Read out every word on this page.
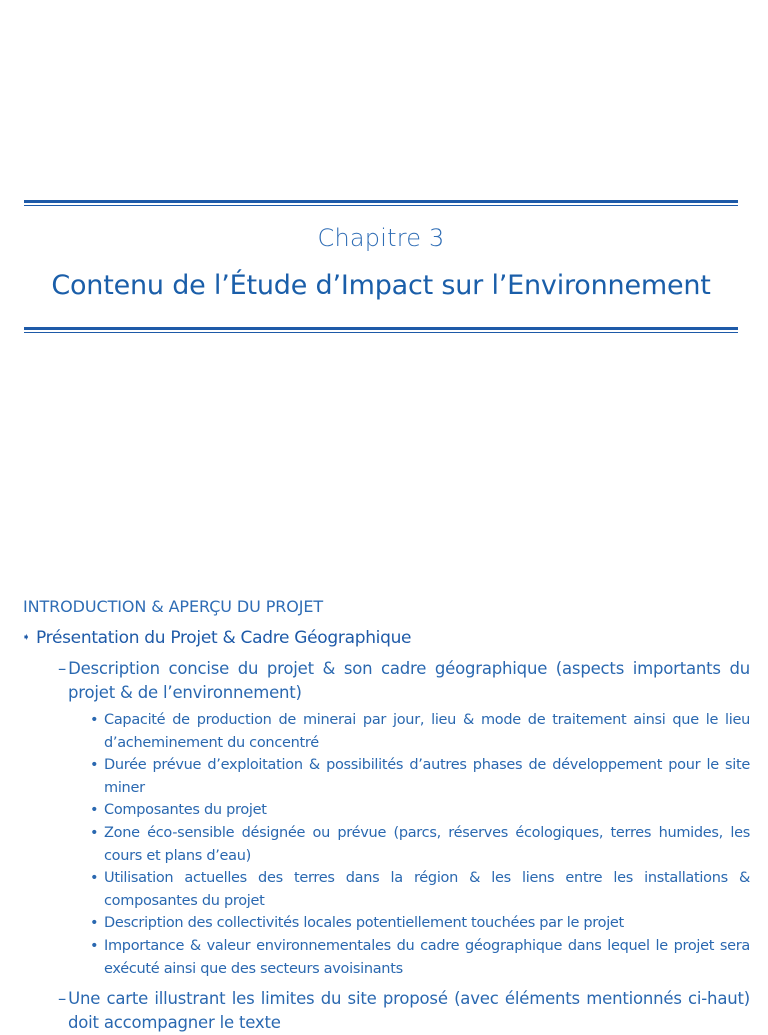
Chapitre 3
Contenu de l’Étude d’Impact sur l’Environnement
INTRODUCTION & APERÇU DU PROJET
➧ Présentation du Projet & Cadre Géographique
– Description concise du projet & son cadre géographique (aspects importants du projet & de l’environnement)
• Capacité de production de minerai par jour, lieu & mode de traitement ainsi que le lieu d’acheminement du concentré
• Durée prévue d’exploitation & possibilités d’autres phases de développement pour le site miner
• Composantes du projet
• Zone éco-sensible désignée ou prévue (parcs, réserves écologiques, terres humides, les cours et plans d’eau)
• Utilisation actuelles des terres dans la région & les liens entre les installations & composantes du projet
• Description des collectivités locales potentiellement touchées par le projet
• Importance & valeur environnementales du cadre géographique dans lequel le projet sera exécuté ainsi que des secteurs avoisinants
– Une carte illustrant les limites du site proposé (avec éléments mentionnés ci-haut) doit accompagner le texte
